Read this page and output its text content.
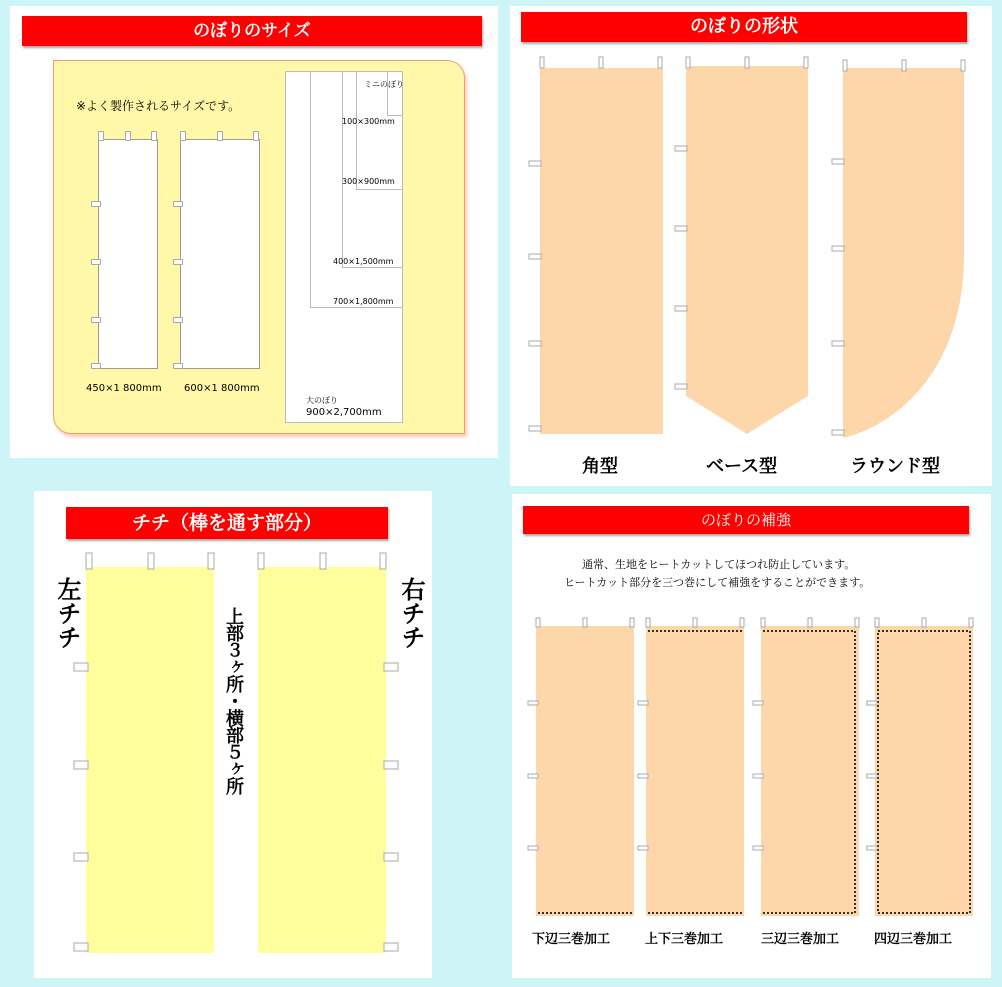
のぼりのサイズ
※よく製作されるサイズです。
450×1 800mm 600×1 800mm
ミニのぼり
100×300mm
300×900mm
400×1,500mm
700×1,800mm
大のぼり
900×2,700mm
のぼりの形状
角型	ベース型	ラウンド型
チチ（棒を通す部分）
左チチ	右チチ
上部３ヶ所・横部５ヶ所
のぼりの補強
通常、生地をヒートカットしてほつれ防止しています。
ヒートカット部分を三つ巻にして補強をすることができます。
下辺三巻加工	上下三巻加工	三辺三巻加工	四辺三巻加工
